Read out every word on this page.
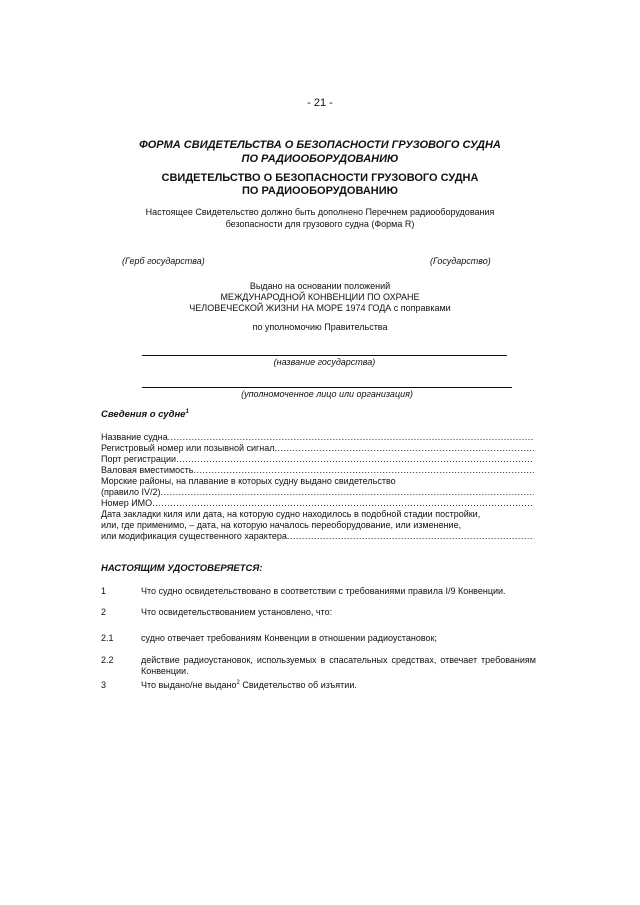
- 21 -
ФОРМА СВИДЕТЕЛЬСТВА О БЕЗОПАСНОСТИ ГРУЗОВОГО СУДНА
ПО РАДИООБОРУДОВАНИЮ
СВИДЕТЕЛЬСТВО О БЕЗОПАСНОСТИ ГРУЗОВОГО СУДНА
ПО РАДИООБОРУДОВАНИЮ
Настоящее Свидетельство должно быть дополнено Перечнем радиооборудования
безопасности для грузового судна (Форма R)
(Герб государства)	(Государство)
Выдано на основании положений
МЕЖДУНАРОДНОЙ КОНВЕНЦИИ ПО ОХРАНЕ
ЧЕЛОВЕЧЕСКОЙ ЖИЗНИ НА МОРЕ 1974 ГОДА с поправками
по уполномочию Правительства
(название государства)
(уполномоченное лицо или организация)
Сведения о судне$^1$
Название судна
.....
Регистровый номер или позывной сигнал
.....
Порт регистрации
.....
Валовая вместимость
.....
Морские районы, на плавание в которых судну выдано свидетельство
(правило IV/2)
.....
Номер ИМО
.....
Дата закладки киля или дата, на которую судно находилось в подобной стадии постройки,
или, где применимо, – дата, на которую началось переоборудование, или изменение,
или модификация существенного характера
.....
НАСТОЯЩИМ УДОСТОВЕРЯЕТСЯ:
1	Что судно освидетельствовано в соответствии с требованиями правила I/9 Конвенции.
2	Что освидетельствованием установлено, что:
2.1	судно отвечает требованиям Конвенции в отношении радиоустановок;
2.2	действие радиоустановок, используемых в спасательных средствах, отвечает требованиям Конвенции.
3	Что выдано/не выдано$^2$ Свидетельство об изъятии.
